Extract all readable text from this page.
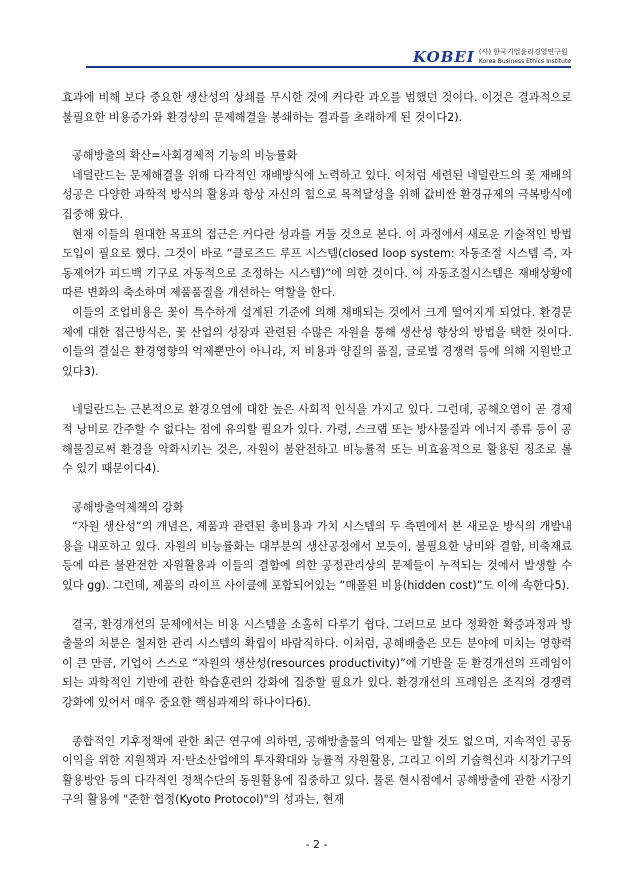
KOBEI (사) 한국기업윤리경영연구원
Korea Business Ethics Institute

효과에 비해 보다 중요한 생산성의 상쇄를 무시한 것에 커다란 과오를 범했던 것이다. 이것은 결과적으로 불필요한 비용증가와 환경상의 문제해결을 봉쇄하는 결과를 초래하게 된 것이다2).

공해방출의 확산=사회경제적 기능의 비능률화

네덜란드는 문제해결을 위해 다각적인 재배방식에 노력하고 있다. 이처럼 세련된 네덜란드의 꽃 재배의 성공은 다양한 과학적 방식의 활용과 항상 자신의 힘으로 목적달성을 위해 값비싼 환경규제의 극복방식에 집중해 왔다.

현재 이들의 원대한 목표의 접근은 커다란 성과를 거둘 것으로 본다. 이 과정에서 새로운 기술적인 방법도입이 필요로 했다. 그것이 바로 “클로즈드 루프 시스템(closed loop system: 자동조절 시스템 즉, 자동제어가 피드백 기구로 자동적으로 조정하는 시스템)”에 의한 것이다. 이 자동조절시스템은 재배상황에 따른 변화의 축소하며 제품품질을 개선하는 역할을 한다.

이들의 조업비용은 꽃이 특수하게 설계된 기준에 의해 재배되는 것에서 크게 떨어지게 되었다. 환경문제에 대한 접근방식은, 꽃 산업의 성장과 관련된 수많은 자원을 통해 생산성 향상의 방법을 택한 것이다. 이들의 결실은 환경영향의 억제뿐만이 아니라, 저 비용과 양질의 품질, 글로벌 경쟁력 등에 의해 지원받고 있다3).

네덜란드는 근본적으로 환경오염에 대한 높은 사회적 인식을 가지고 있다. 그런데, 공해오염이 곧 경제적 낭비로 간주할 수 없다는 점에 유의할 필요가 있다. 가령, 스크랩 또는 방사물질과 에너지 종류 등이 공해물질로써 환경을 악화시키는 것은, 자원이 불완전하고 비능률적 또는 비효율적으로 활용된 징조로 볼 수 있기 때문이다4).

공해방출억제책의 강화

“자원 생산성”의 개념은, 제품과 관련된 총비용과 가치 시스템의 두 측면에서 본 새로운 방식의 개발내용을 내포하고 있다. 자원의 비능률화는 대부분의 생산공정에서 보듯이, 불필요한 낭비와 결함, 비축재료 등에 따른 불완전한 자원활용과 이들의 결함에 의한 공정관리상의 문제들이 누적되는 것에서 발생할 수 있다 gg). 그런데, 제품의 라이프 사이클에 포함되어있는 “매몰된 비용(hidden cost)”도 이에 속한다5).

결국, 환경개선의 문제에서는 비용 시스템을 소홀히 다루기 쉽다. 그러므로 보다 정확한 확증과정과 방출물의 처분은 철저한 관리 시스템의 확립이 바람직하다. 이처럼, 공해배출은 모든 분야에 미치는 영향력이 큰 만큼, 기업이 스스로 “자원의 생산성(resources productivity)”에 기반을 둔 환경개선의 프레임이 되는 과학적인 기반에 관한 학습훈련의 강화에 집중할 필요가 있다. 환경개선의 프레임은 조직의 경쟁력강화에 있어서 매우 중요한 핵심과제의 하나이다6).

종합적인 기후정책에 관한 최근 연구에 의하면, 공해방출물의 억제는 말할 것도 없으며, 지속적인 공동이익을 위한 지원책과 저·탄소산업에의 투자확대와 능률적 자원활용, 그리고 이의 기술혁신과 시장기구의 활용방안 등의 다각적인 정책수단의 동원활용에 집중하고 있다. 물론 현시점에서 공해방출에 관한 시장기구의 활용에 "준한 협정(Kyoto Protocol)"의 성과는, 현재

- 2 -
